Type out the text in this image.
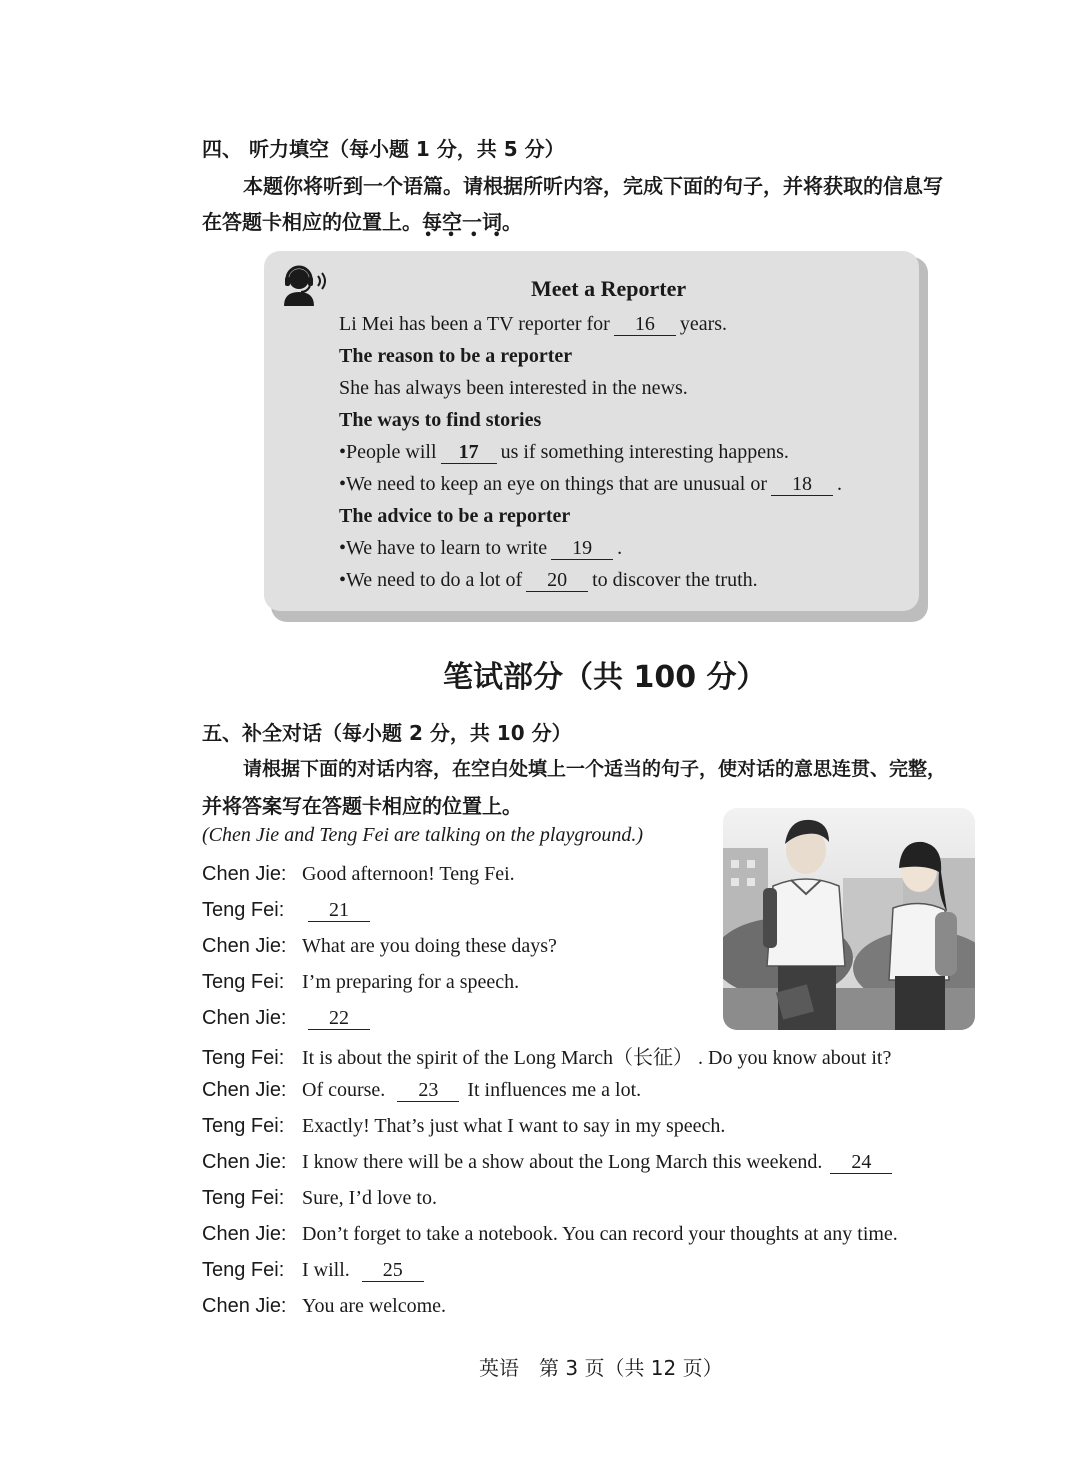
四、 听力填空（每小题 1 分，共 5 分）
本题你将听到一个语篇。请根据所听内容，完成下面的句子，并将获取的信息写
在答题卡相应的位置上。每空一词 • • • •。
Meet a Reporter
Li Mei has been a TV reporter for 16 years.
The reason to be a reporter
She has always been interested in the news.
The ways to find stories
•People will 17 us if something interesting happens.
•We need to keep an eye on things that are unusual or 18 .
The advice to be a reporter
•We have to learn to write 19 .
•We need to do a lot of 20 to discover the truth.
笔试部分（共 100 分）
五、补全对话（每小题 2 分，共 10 分）
请根据下面的对话内容，在空白处填上一个适当的句子，使对话的意思连贯、完整，
并将答案写在答题卡相应的位置上。
(Chen Jie and Teng Fei are talking on the playground.)
Chen Jie: Good afternoon! Teng Fei.
Teng Fei: 21
Chen Jie: What are you doing these days?
Teng Fei: I’m preparing for a speech.
Chen Jie: 22
Teng Fei: It is about the spirit of the Long March（长征） . Do you know about it?
Chen Jie: Of course. 23 It influences me a lot.
Teng Fei: Exactly! That’s just what I want to say in my speech.
Chen Jie: I know there will be a show about the Long March this weekend. 24
Teng Fei: Sure, I’d love to.
Chen Jie: Don’t forget to take a notebook. You can record your thoughts at any time.
Teng Fei: I will. 25
Chen Jie: You are welcome.
英语　第 3 页（共 12 页）
